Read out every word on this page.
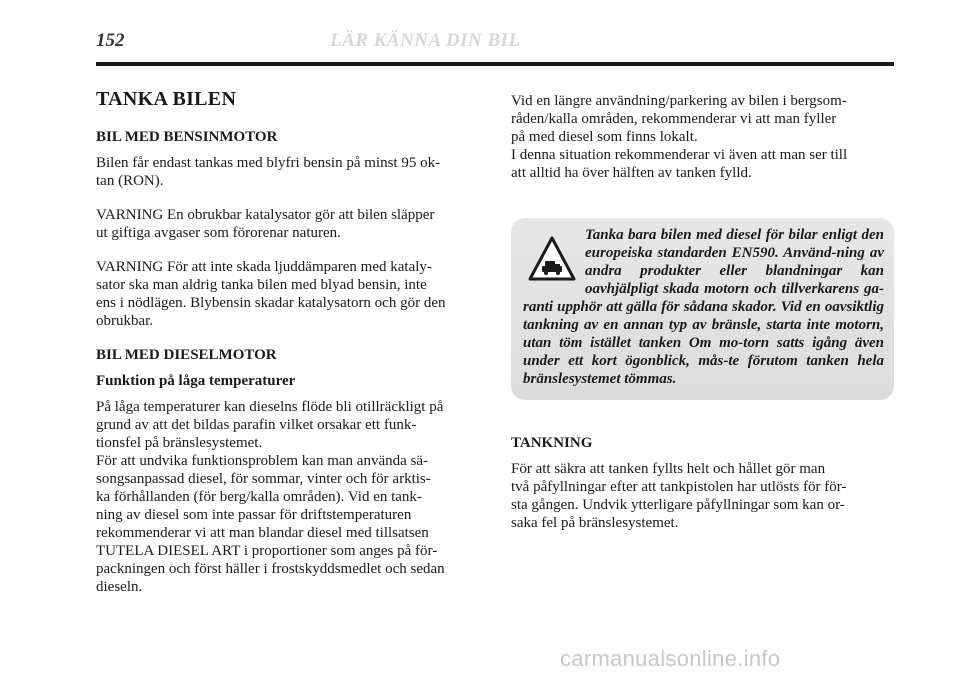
152	LÄR KÄNNA DIN BIL
TANKA BILEN
BIL MED BENSINMOTOR

Bilen får endast tankas med blyfri bensin på minst 95 ok-
tan (RON).

VARNING En obrukbar katalysator gör att bilen släpper
ut giftiga avgaser som förorenar naturen.

VARNING För att inte skada ljuddämparen med kataly-
sator ska man aldrig tanka bilen med blyad bensin, inte
ens i nödlägen. Blybensin skadar katalysatorn och gör den
obrukbar.

BIL MED DIESELMOTOR
Funktion på låga temperaturer

På låga temperaturer kan dieselns flöde bli otillräckligt på
grund av att det bildas parafin vilket orsakar ett funk-
tionsfel på bränslesystemet.
För att undvika funktionsproblem kan man använda sä-
songsanpassad diesel, för sommar, vinter och för arktis-
ka förhållanden (för berg/kalla områden). Vid en tank-
ning av diesel som inte passar för driftstemperaturen
rekommenderar vi att man blandar diesel med tillsatsen
TUTELA DIESEL ART i proportioner som anges på för-
packningen och först häller i frostskyddsmedlet och sedan
dieseln.

Vid en längre användning/parkering av bilen i bergsom-
råden/kalla områden, rekommenderar vi att man fyller
på med diesel som finns lokalt.
I denna situation rekommenderar vi även att man ser till
att alltid ha över hälften av tanken fylld.

Tanka bara bilen med diesel för bilar enligt den europeiska standarden EN590. Använd-ning av andra produkter eller blandningar kan oavhjälpligt skada motorn och tillverkarens ga-ranti upphör att gälla för sådana skador. Vid en oavsiktlig tankning av en annan typ av bränsle, starta inte motorn, utan töm istället tanken Om mo-torn satts igång även under ett kort ögonblick, mås-te förutom tanken hela bränslesystemet tömmas.

TANKNING

För att säkra att tanken fyllts helt och hållet gör man
två påfyllningar efter att tankpistolen har utlösts för för-
sta gången. Undvik ytterligare påfyllningar som kan or-
saka fel på bränslesystemet.

carmanualsonline.info
